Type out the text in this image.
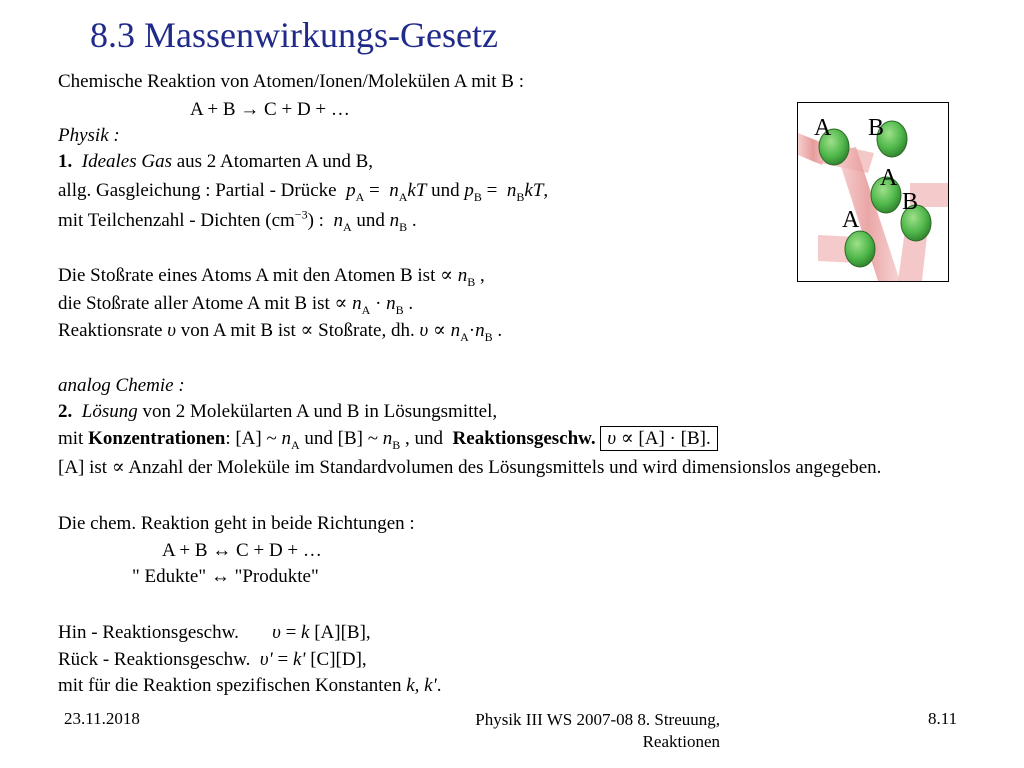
8.3 Massenwirkungs-Gesetz
Chemische Reaktion von Atomen/Ionen/Molekülen A mit B :
A + B → C + D + …
Physik :
1. Ideales Gas aus 2 Atomarten A und B,
allg. Gasgleichung : Partial - Drücke  $p_A = n_AkT$ und $p_B = n_BkT$,
mit Teilchenzahl - Dichten $(cm^{-3})$ :  $n_A$ und $n_B$ .
Die Stoßrate eines Atoms A mit den Atomen B ist ∝ $n_B$ ,
die Stoßrate aller Atome A mit B ist ∝ $n_A \cdot n_B$ .
Reaktionsrate υ von A mit B ist ∝ Stoßrate, dh. $\upsilon \propto n_A\cdot n_B$ .
analog Chemie :
2. Lösung von 2 Molekülarten A und B in Lösungsmittel,
mit Konzentrationen: [A] ~ $n_A$ und [B] ~ $n_B$ , und  Reaktionsgeschw. υ ∝ [A] · [B].
[A] ist ∝ Anzahl der Moleküle im Standardvolumen des Lösungsmittels und wird dimensionslos angegeben.
Die chem. Reaktion geht in beide Richtungen :
A + B ↔ C + D + …
" Edukte" ↔ "Produkte"
Hin - Reaktionsgeschw. υ = k [A][B],
Rück - Reaktionsgeschw. υ' = k' [C][D],
mit für die Reaktion spezifischen Konstanten k, k'.
A B
A
B
A
23.11.2018	Physik III WS 2007-08 8. Streuung,
Reaktionen
8.11
